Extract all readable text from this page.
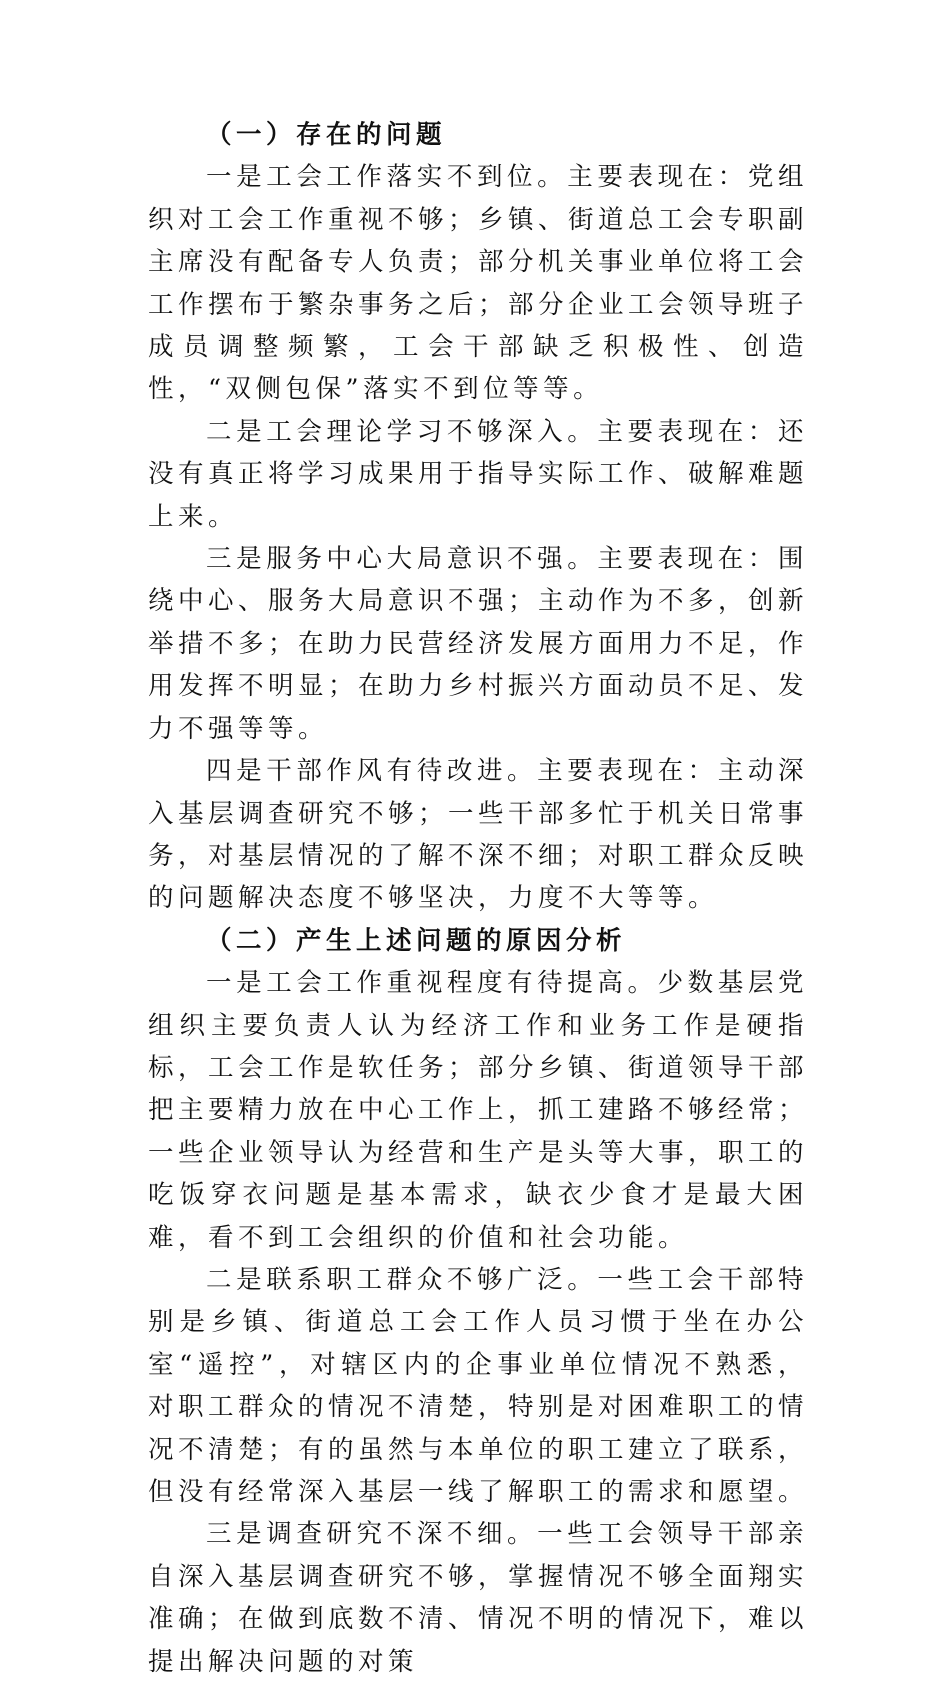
（一）存在的问题

一是工会工作落实不到位。主要表现在：党组织对工会工作重视不够；乡镇、街道总工会专职副主席没有配备专人负责；部分机关事业单位将工会工作摆布于繁杂事务之后；部分企业工会领导班子成员调整频繁，工会干部缺乏积极性、创造性，“双侧包保”落实不到位等等。

二是工会理论学习不够深入。主要表现在：还没有真正将学习成果用于指导实际工作、破解难题上来。

三是服务中心大局意识不强。主要表现在：围绕中心、服务大局意识不强；主动作为不多，创新举措不多；在助力民营经济发展方面用力不足，作用发挥不明显；在助力乡村振兴方面动员不足、发力不强等等。

四是干部作风有待改进。主要表现在：主动深入基层调查研究不够；一些干部多忙于机关日常事务，对基层情况的了解不深不细；对职工群众反映的问题解决态度不够坚决，力度不大等等。

（二）产生上述问题的原因分析

一是工会工作重视程度有待提高。少数基层党组织主要负责人认为经济工作和业务工作是硬指标，工会工作是软任务；部分乡镇、街道领导干部把主要精力放在中心工作上，抓工建路不够经常；一些企业领导认为经营和生产是头等大事，职工的吃饭穿衣问题是基本需求，缺衣少食才是最大困难，看不到工会组织的价值和社会功能。

二是联系职工群众不够广泛。一些工会干部特别是乡镇、街道总工会工作人员习惯于坐在办公室“遥控”，对辖区内的企事业单位情况不熟悉，对职工群众的情况不清楚，特别是对困难职工的情况不清楚；有的虽然与本单位的职工建立了联系，但没有经常深入基层一线了解职工的需求和愿望。

三是调查研究不深不细。一些工会领导干部亲自深入基层调查研究不够，掌握情况不够全面翔实准确；在做到底数不清、情况不明的情况下，难以提出解决问题的对策
